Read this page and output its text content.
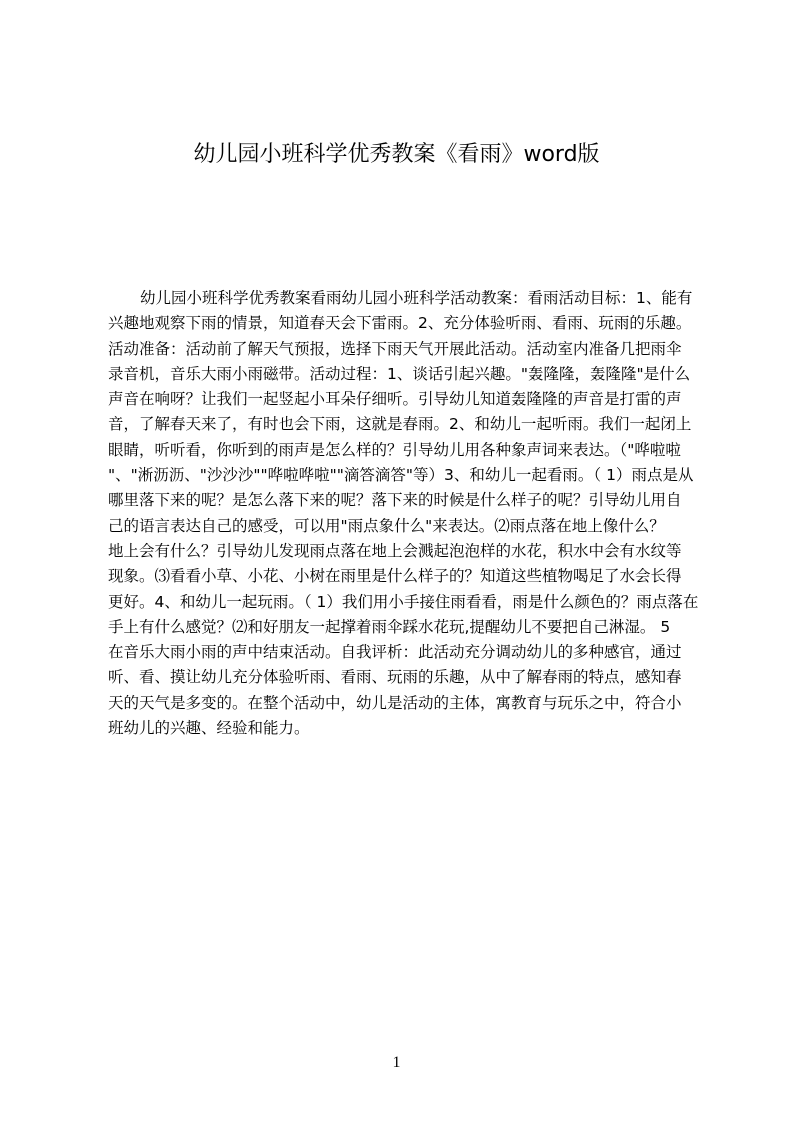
幼儿园小班科学优秀教案《看雨》word版
幼儿园小班科学优秀教案看雨幼儿园小班科学活动教案：看雨活动目标：1、能有
兴趣地观察下雨的情景，知道春天会下雷雨。2、充分体验听雨、看雨、玩雨的乐趣。
活动准备：活动前了解天气预报，选择下雨天气开展此活动。活动室内准备几把雨伞
录音机，音乐大雨小雨磁带。活动过程：1、谈话引起兴趣。"轰隆隆，轰隆隆"是什么
声音在响呀？让我们一起竖起小耳朵仔细听。引导幼儿知道轰隆隆的声音是打雷的声
音，了解春天来了，有时也会下雨，这就是春雨。2、和幼儿一起听雨。我们一起闭上
眼睛，听听看，你听到的雨声是怎么样的？引导幼儿用各种象声词来表达。（"哗啦啦
"、"淅沥沥、"沙沙沙""哗啦哗啦""滴答滴答"等）3、和幼儿一起看雨。（ 1）雨点是从
哪里落下来的呢？是怎么落下来的呢？落下来的时候是什么样子的呢？引导幼儿用自
己的语言表达自己的感受，可以用"雨点象什么"来表达。⑵雨点落在地上像什么？
地上会有什么？引导幼儿发现雨点落在地上会溅起泡泡样的水花，积水中会有水纹等
现象。⑶看看小草、小花、小树在雨里是什么样子的？知道这些植物喝足了水会长得
更好。4、和幼儿一起玩雨。（ 1）我们用小手接住雨看看，雨是什么颜色的？雨点落在
手上有什么感觉？⑵和好朋友一起撑着雨伞踩水花玩,提醒幼儿不要把自己淋湿。 5
在音乐大雨小雨的声中结束活动。自我评析：此活动充分调动幼儿的多种感官，通过
听、看、摸让幼儿充分体验听雨、看雨、玩雨的乐趣，从中了解春雨的特点，感知春
天的天气是多变的。在整个活动中，幼儿是活动的主体，寓教育与玩乐之中，符合小
班幼儿的兴趣、经验和能力。
1
